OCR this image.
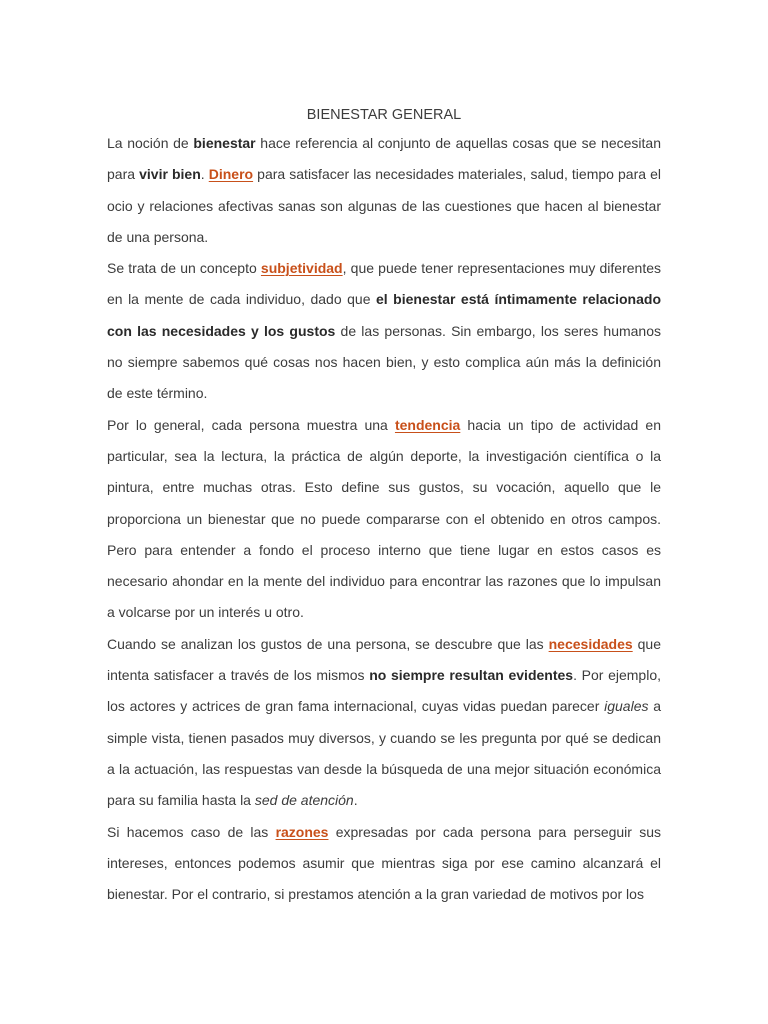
BIENESTAR GENERAL

La noción de bienestar hace referencia al conjunto de aquellas cosas que se necesitan para vivir bien. Dinero para satisfacer las necesidades materiales, salud, tiempo para el ocio y relaciones afectivas sanas son algunas de las cuestiones que hacen al bienestar de una persona.

Se trata de un concepto subjetividad, que puede tener representaciones muy diferentes en la mente de cada individuo, dado que el bienestar está íntimamente relacionado con las necesidades y los gustos de las personas. Sin embargo, los seres humanos no siempre sabemos qué cosas nos hacen bien, y esto complica aún más la definición de este término.

Por lo general, cada persona muestra una tendencia hacia un tipo de actividad en particular, sea la lectura, la práctica de algún deporte, la investigación científica o la pintura, entre muchas otras. Esto define sus gustos, su vocación, aquello que le proporciona un bienestar que no puede compararse con el obtenido en otros campos. Pero para entender a fondo el proceso interno que tiene lugar en estos casos es necesario ahondar en la mente del individuo para encontrar las razones que lo impulsan a volcarse por un interés u otro.

Cuando se analizan los gustos de una persona, se descubre que las necesidades que intenta satisfacer a través de los mismos no siempre resultan evidentes. Por ejemplo, los actores y actrices de gran fama internacional, cuyas vidas puedan parecer iguales a simple vista, tienen pasados muy diversos, y cuando se les pregunta por qué se dedican a la actuación, las respuestas van desde la búsqueda de una mejor situación económica para su familia hasta la sed de atención.

Si hacemos caso de las razones expresadas por cada persona para perseguir sus intereses, entonces podemos asumir que mientras siga por ese camino alcanzará el bienestar. Por el contrario, si prestamos atención a la gran variedad de motivos por los
